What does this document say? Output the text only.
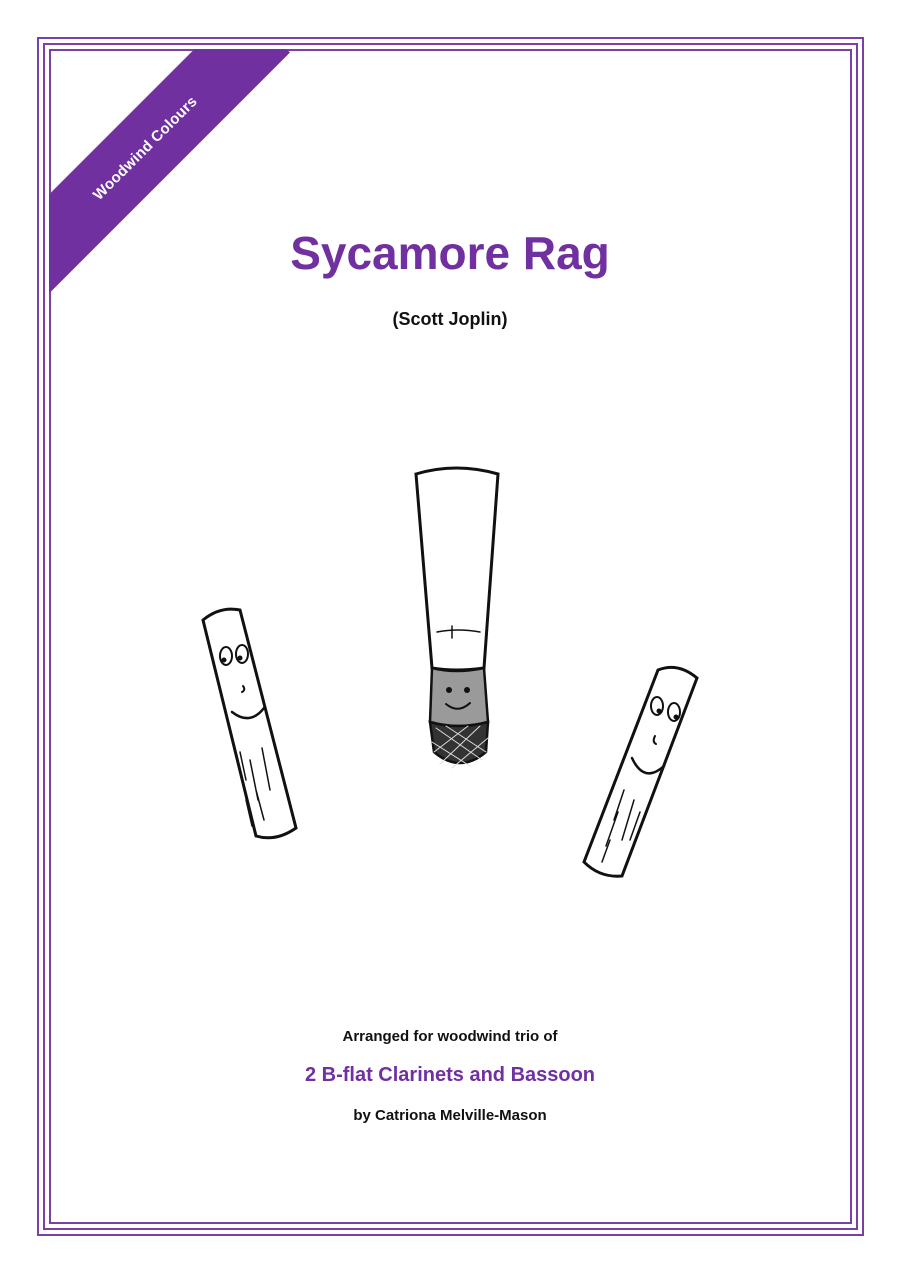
Woodwind Colours
Sycamore Rag
(Scott Joplin)
Arranged for woodwind trio of
2 B-flat Clarinets and Bassoon
by Catriona Melville-Mason
